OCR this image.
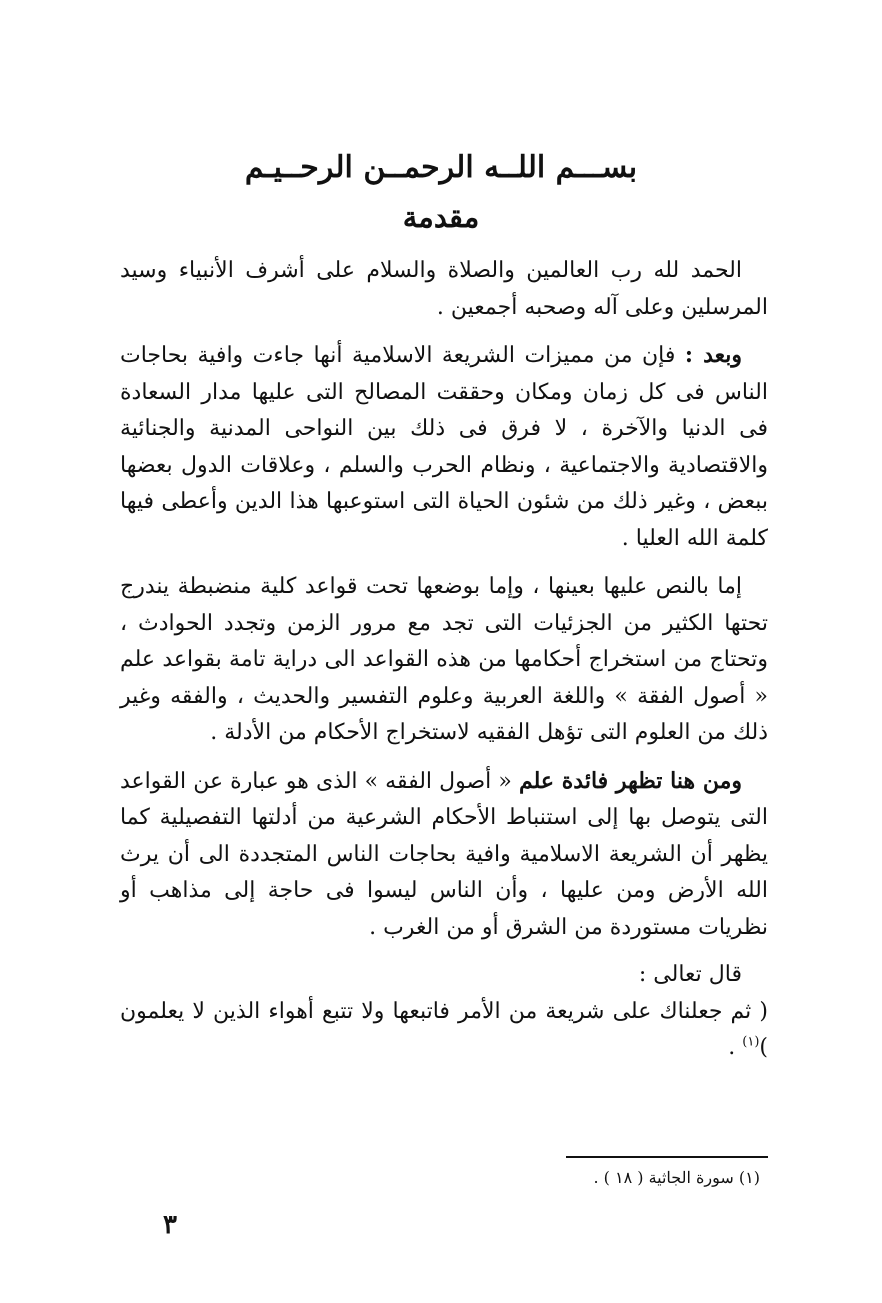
بســـم اللــه الرحمــن الرحــيـم
مقدمة

الحمد لله رب العالمين والصلاة والسلام على أشرف الأنبياء وسيد المرسلين وعلى آله وصحبه أجمعين .

وبعد : فإن من مميزات الشريعة الاسلامية أنها جاءت وافية بحاجات الناس فى كل زمان ومكان وحققت المصالح التى عليها مدار السعادة فى الدنيا والآخرة ، لا فرق فى ذلك بين النواحى المدنية والجنائية والاقتصادية والاجتماعية ، ونظام الحرب والسلم ، وعلاقات الدول بعضها ببعض ، وغير ذلك من شئون الحياة التى استوعبها هذا الدين وأعطى فيها كلمة الله العليا .

إما بالنص عليها بعينها ، وإما بوضعها تحت قواعد كلية منضبطة يندرج تحتها الكثير من الجزئيات التى تجد مع مرور الزمن وتجدد الحوادث ، وتحتاج من استخراج أحكامها من هذه القواعد الى دراية تامة بقواعد علم « أصول الفقة » واللغة العربية وعلوم التفسير والحديث ، والفقه وغير ذلك من العلوم التى تؤهل الفقيه لاستخراج الأحكام من الأدلة .

ومن هنا تظهر فائدة علم « أصول الفقه » الذى هو عبارة عن القواعد التى يتوصل بها إلى استنباط الأحكام الشرعية من أدلتها التفصيلية كما يظهر أن الشريعة الاسلامية وافية بحاجات الناس المتجددة الى أن يرث الله الأرض ومن عليها ، وأن الناس ليسوا فى حاجة إلى مذاهب أو نظريات مستوردة من الشرق أو من الغرب .

قال تعالى :

( ثم جعلناك على شريعة من الأمر فاتبعها ولا تتبع أهواء الذين لا يعلمون )$^{(١)}$ .

(١) سورة الجاثية ( ١٨ ) .
٣
